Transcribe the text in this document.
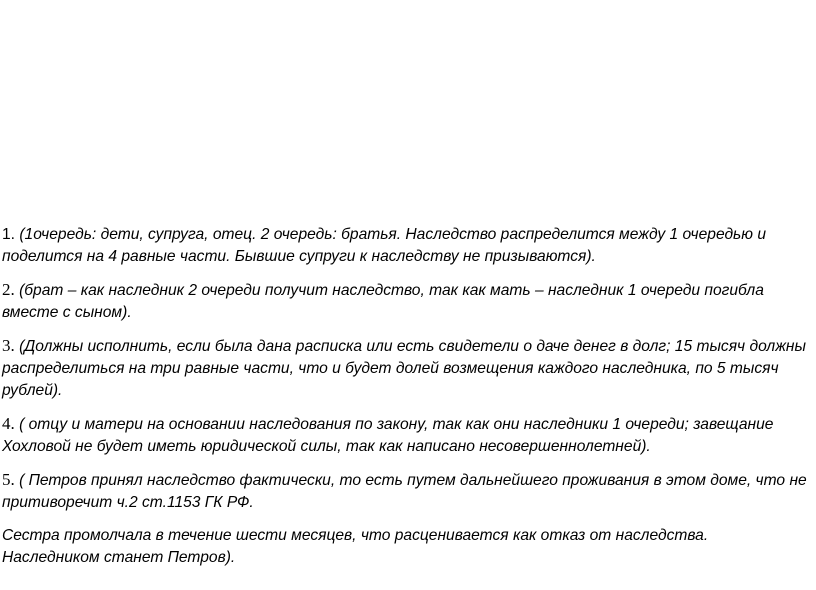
1. (1очередь: дети, супруга, отец. 2 очередь: братья. Наследство распределится между 1 очередью и поделится на 4 равные части. Бывшие супруги к наследству не призываются).

2. (брат – как наследник 2 очереди получит наследство, так как мать – наследник 1 очереди погибла вместе с сыном).

3. (Должны исполнить, если была дана расписка или есть свидетели о даче денег в долг; 15 тысяч должны распределиться на три равные части, что и будет долей возмещения каждого наследника, по 5 тысяч рублей).

4. ( отцу и матери на основании наследования по закону, так как они наследники 1 очереди; завещание Хохловой не будет иметь юридической силы, так как написано несовершеннолетней).

5. ( Петров принял наследство фактически, то есть путем дальнейшего проживания в этом доме, что не притиворечит ч.2 ст.1153 ГК РФ.

Сестра промолчала в течение шести месяцев, что расценивается как отказ от наследства. Наследником станет Петров).
